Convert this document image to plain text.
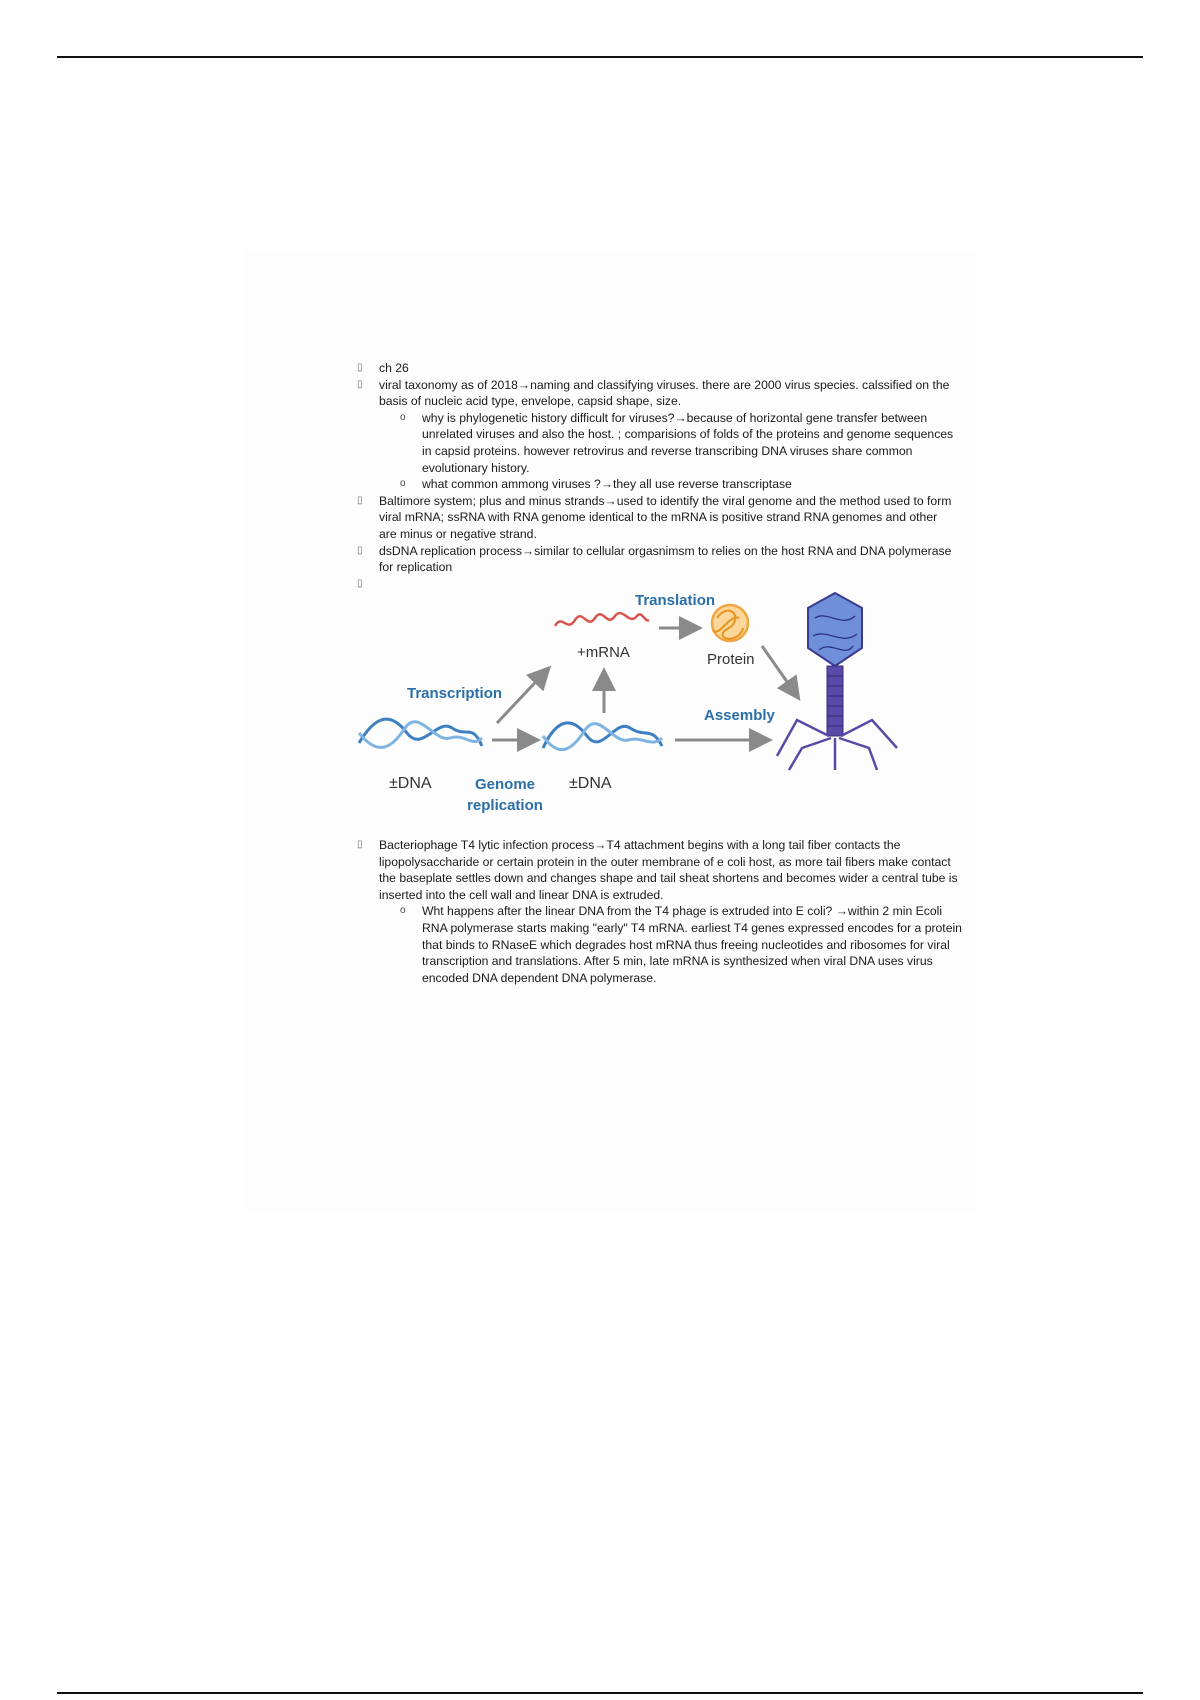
▯ ch 26
▯ viral taxonomy as of 2018→naming and classifying viruses. there are 2000 virus species. calssified on the basis of nucleic acid type, envelope, capsid shape, size.
o why is phylogenetic history difficult for viruses?→because of horizontal gene transfer between unrelated viruses and also the host. ; comparisions of folds of the proteins and genome sequences in capsid proteins. however retrovirus and reverse transcribing DNA viruses share common evolutionary history.
o what common ammong viruses ?→they all use reverse transcriptase
▯ Baltimore system; plus and minus strands→used to identify the viral genome and the method used to form viral mRNA; ssRNA with RNA genome identical to the mRNA is positive strand RNA genomes and other are minus or negative strand.
▯ dsDNA replication process→similar to cellular orgasnimsm to relies on the host RNA and DNA polymerase for replication
▯
±DNA	Genome
replication
±DNA
Transcription
+mRNA
Translation
Protein
Assembly
▯ Bacteriophage T4 lytic infection process→T4 attachment begins with a long tail fiber contacts the lipopolysaccharide or certain protein in the outer membrane of e coli host, as more tail fibers make contact the baseplate settles down and changes shape and tail sheat shortens and becomes wider a central tube is inserted into the cell wall and linear DNA is extruded.
o Wht happens after the linear DNA from the T4 phage is extruded into E coli? →within 2 min Ecoli RNA polymerase starts making "early" T4 mRNA. earliest T4 genes expressed encodes for a protein that binds to RNaseE which degrades host mRNA thus freeing nucleotides and ribosomes for viral transcription and translations. After 5 min, late mRNA is synthesized when viral DNA uses virus encoded DNA dependent DNA polymerase.
